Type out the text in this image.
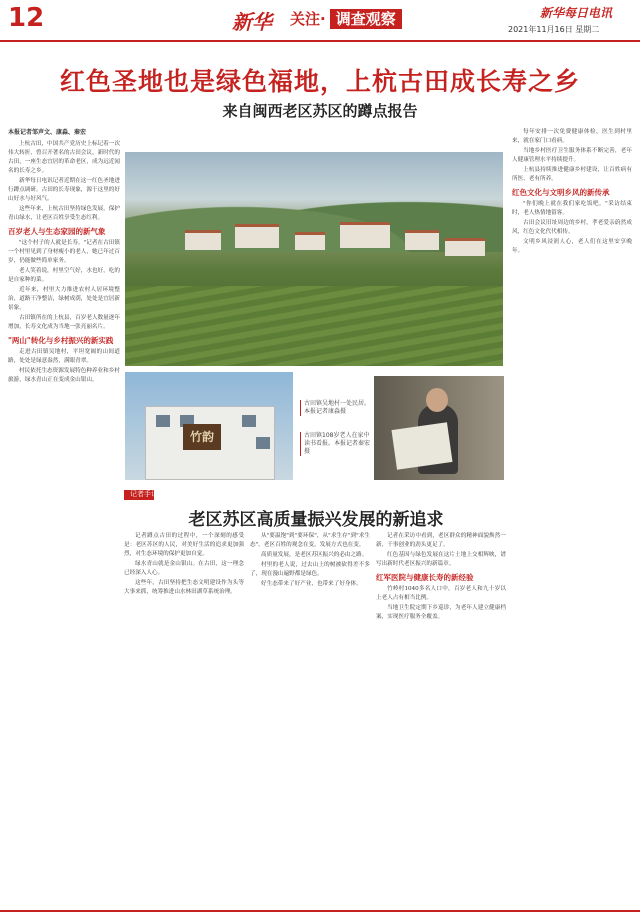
12	新华 关注· 调查观察	新华每日电讯
2021年11月16日 星期二
红色圣地也是绿色福地，上杭古田成长寿之乡
来自闽西老区苏区的蹲点报告
本报记者邹声文、康淼、秦宏

上杭古田，中国共产党历史上标记着一次伟大转折，曾召开著名的古田会议。新时代的古田，一座生态宜居的革命老区，成为远近闻名的长寿之乡。

新华每日电讯记者近期在这一红色圣地进行蹲点调研。古田的长寿现象，源于这里的好山好水与好风气。

这些年来，上杭古田坚持绿色发展，保护青山绿水，让老区百姓享受生态红利。

百岁老人与生态家园的新气象

"这个村子的人就是长寿。"记者在古田镇一个村里见到了身材瘦小的老人，她已年过百岁，仍能做些简单家务。

老人笑着说，村里空气好，水也好，吃的是自家种的菜。

近年来，村里大力推进农村人居环境整治，道路干净整洁，绿树成荫，处处是宜居新景象。

古田镇所在的上杭县，百岁老人数量逐年增加，长寿文化成为当地一张亮丽名片。

"两山"转化与乡村振兴的新实践

走进古田镇吴地村，平坦宽阔的山间道路，处处是绿意盎然，满眼青翠。

村民依托生态资源发展特色种养业和乡村旅游，绿水青山正在变成金山银山。

竹韵
古田镇吴地村一处民居。本报记者康淼摄
古田镇108岁老人在家中读书看报。本报记者秦宏摄
记者手记
老区苏区高质量振兴发展的新追求

记者蹲点古田的过程中，一个深刻的感受是：老区苏区的人民，对美好生活的追求更加强烈，对生态环境的保护更加自觉。

绿水青山就是金山银山。在古田，这一理念已经深入人心。

这些年，古田坚持把生态文明建设作为头等大事来抓，统筹推进山水林田湖草系统治理。

从"要温饱"到"要环保"，从"求生存"到"求生态"，老区百姓的观念在变，发展方式也在变。

高质量发展，是老区苏区振兴的必由之路。

村里的老人说，过去山上的树被砍得差不多了，现在漫山遍野都是绿色。

好生态带来了好产业，也带来了好身体。

记者在采访中看到，老区群众的精神面貌焕然一新，干事创业的劲头更足了。

红色基因与绿色发展在这片土地上交相辉映，谱写出新时代老区振兴的新篇章。

红军医院与健康长寿的新经验

竹岭村1040多名人口中，百岁老人和九十岁以上老人占有相当比例。

当地卫生院定期下乡巡诊，为老年人建立健康档案，实现医疗服务全覆盖。

每年安排一次免费健康体检，医生到村里来，就在家门口看病。

当地乡村医疗卫生服务体系不断完善，老年人健康管理水平持续提升。

上杭县持续推进健康乡村建设，让百姓病有所医、老有所养。

红色文化与文明乡风的新传承

"你们晚上就在我们家吃饭吧。"采访结束时，老人热情地留客。

古田会议旧址周边的乡村，孝老爱亲蔚然成风，红色文化代代相传。

文明乡风浸润人心，老人们在这里安享晚年。
